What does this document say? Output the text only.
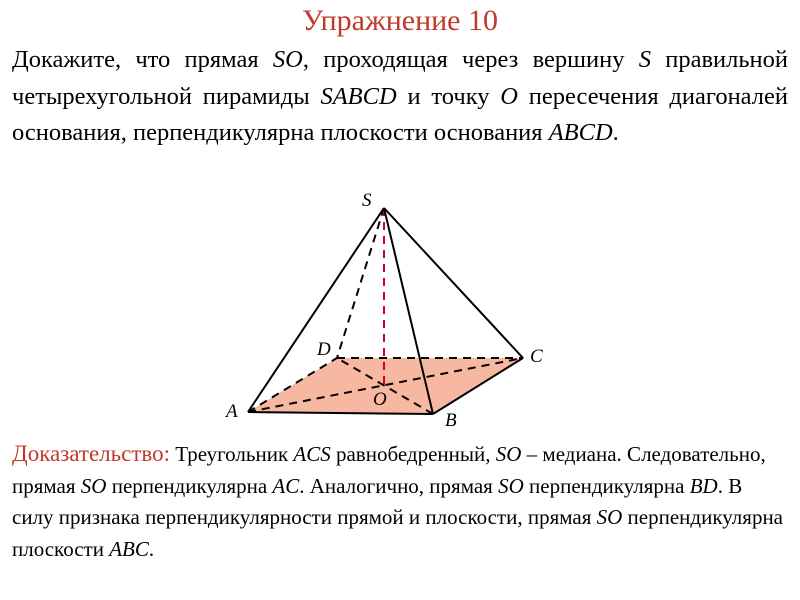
Упражнение 10

Докажите, что прямая SO, проходящая через вершину S правильной четырехугольной пирамиды SABCD и точку O пересечения диагоналей основания, перпендикулярна плоскости основания ABCD.

S
A	B
C
D
O

Доказательство: Треугольник ACS равнобедренный, SO – медиана. Следовательно, прямая SO перпендикулярна AC. Аналогично, прямая SO перпендикулярна BD. В силу признака перпендикулярности прямой и плоскости, прямая SO перпендикулярна плоскости ABC.
